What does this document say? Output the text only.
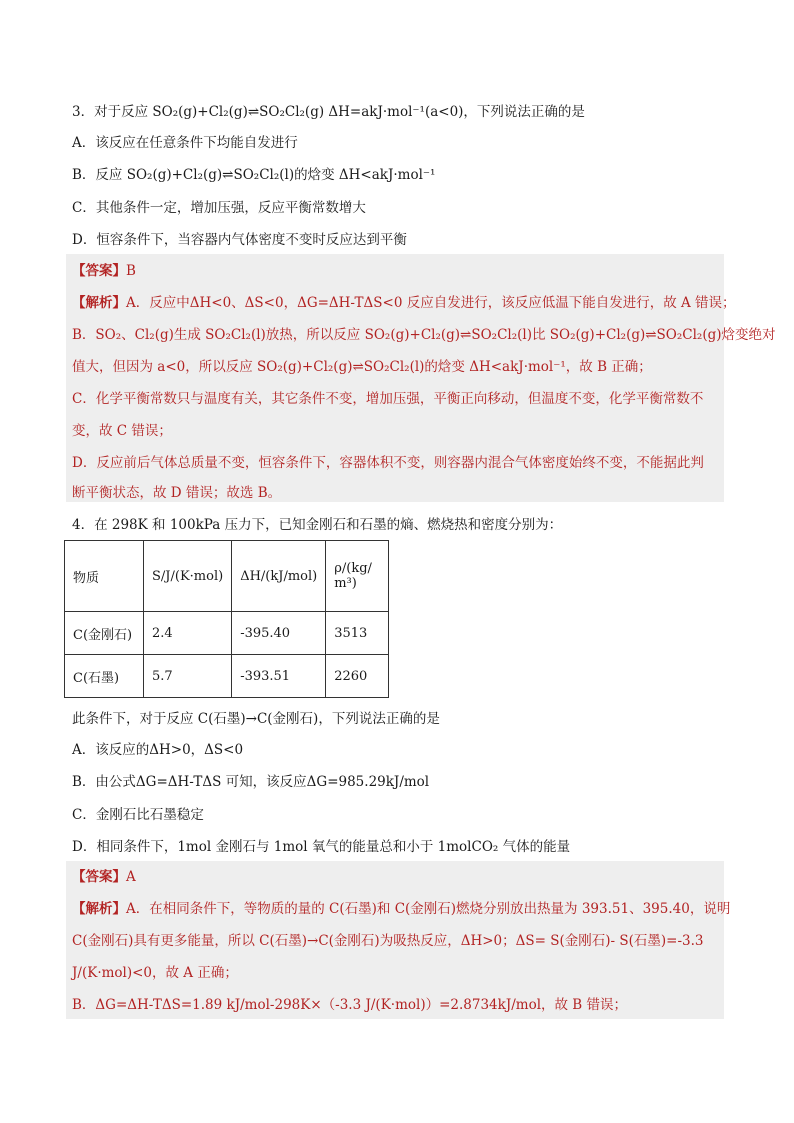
3．对于反应 SO₂(g)+Cl₂(g)⇌SO₂Cl₂(g) ΔH=akJ·mol⁻¹(a<0)，下列说法正确的是
A．该反应在任意条件下均能自发进行
B．反应 SO₂(g)+Cl₂(g)⇌SO₂Cl₂(l)的焓变 ΔH<akJ·mol⁻¹
C．其他条件一定，增加压强，反应平衡常数增大
D．恒容条件下，当容器内气体密度不变时反应达到平衡
【答案】B
【解析】A．反应中ΔH<0、ΔS<0，ΔG=ΔH-TΔS<0 反应自发进行，该反应低温下能自发进行，故 A 错误；
B．SO₂、Cl₂(g)生成 SO₂Cl₂(l)放热，所以反应 SO₂(g)+Cl₂(g)⇌SO₂Cl₂(l)比 SO₂(g)+Cl₂(g)⇌SO₂Cl₂(g)焓变绝对
值大，但因为 a<0，所以反应 SO₂(g)+Cl₂(g)⇌SO₂Cl₂(l)的焓变 ΔH<akJ·mol⁻¹，故 B 正确；
C．化学平衡常数只与温度有关，其它条件不变，增加压强，平衡正向移动，但温度不变，化学平衡常数不
变，故 C 错误；
D．反应前后气体总质量不变，恒容条件下，容器体积不变，则容器内混合气体密度始终不变，不能据此判
断平衡状态，故 D 错误；故选 B。
4．在 298K 和 100kPa 压力下，已知金刚石和石墨的熵、燃烧热和密度分别为：
物质	S/J/(K·mol)	ΔH/(kJ/mol)	ρ/(kg/m³)
C(金刚石)	2.4	-395.40	3513
C(石墨)	5.7	-393.51	2260
此条件下，对于反应 C(石墨)→C(金刚石)，下列说法正确的是
A．该反应的ΔH>0，ΔS<0
B．由公式ΔG=ΔH-TΔS 可知，该反应ΔG=985.29kJ/mol
C．金刚石比石墨稳定
D．相同条件下，1mol 金刚石与 1mol 氧气的能量总和小于 1molCO₂ 气体的能量
【答案】A
【解析】A．在相同条件下，等物质的量的 C(石墨)和 C(金刚石)燃烧分别放出热量为 393.51、395.40，说明
C(金刚石)具有更多能量，所以 C(石墨)→C(金刚石)为吸热反应，ΔH>0；ΔS= S(金刚石)- S(石墨)=-3.3
J/(K·mol)<0，故 A 正确；
B．ΔG=ΔH-TΔS=1.89 kJ/mol-298K×（-3.3 J/(K·mol)）=2.8734kJ/mol，故 B 错误；
